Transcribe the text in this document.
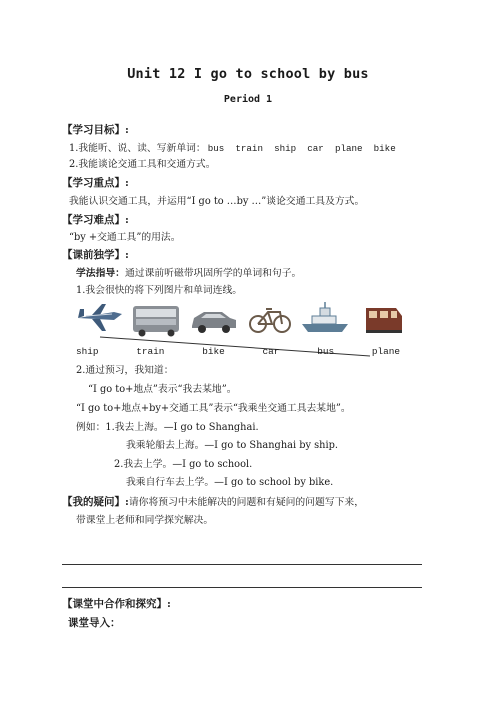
Unit 12 I go to school by bus
Period 1
【学习目标】:
1.我能听、说、读、写新单词： bus train ship car plane bike
2.我能谈论交通工具和交通方式。
【学习重点】:
我能认识交通工具，并运用“I go to …by …”谈论交通工具及方式。
【学习难点】:
“by +交通工具”的用法。
【课前独学】:
学法指导：通过课前听磁带巩固所学的单词和句子。
1.我会很快的将下列图片和单词连线。
ship	train	bike	car	bus	plane
2.通过预习，我知道：
“I go to+地点”表示“我去某地”。
“I go to+地点+by+交通工具”表示“我乘坐交通工具去某地”。
例如：1.我去上海。—I go to Shanghai.
我乘轮船去上海。—I go to Shanghai by ship.
2.我去上学。—I go to school.
我乘自行车去上学。—I go to school by bike.
【我的疑问】:请你将预习中未能解决的问题和有疑问的问题写下来，
带课堂上老师和同学探究解决。
【课堂中合作和探究】:
课堂导入：
